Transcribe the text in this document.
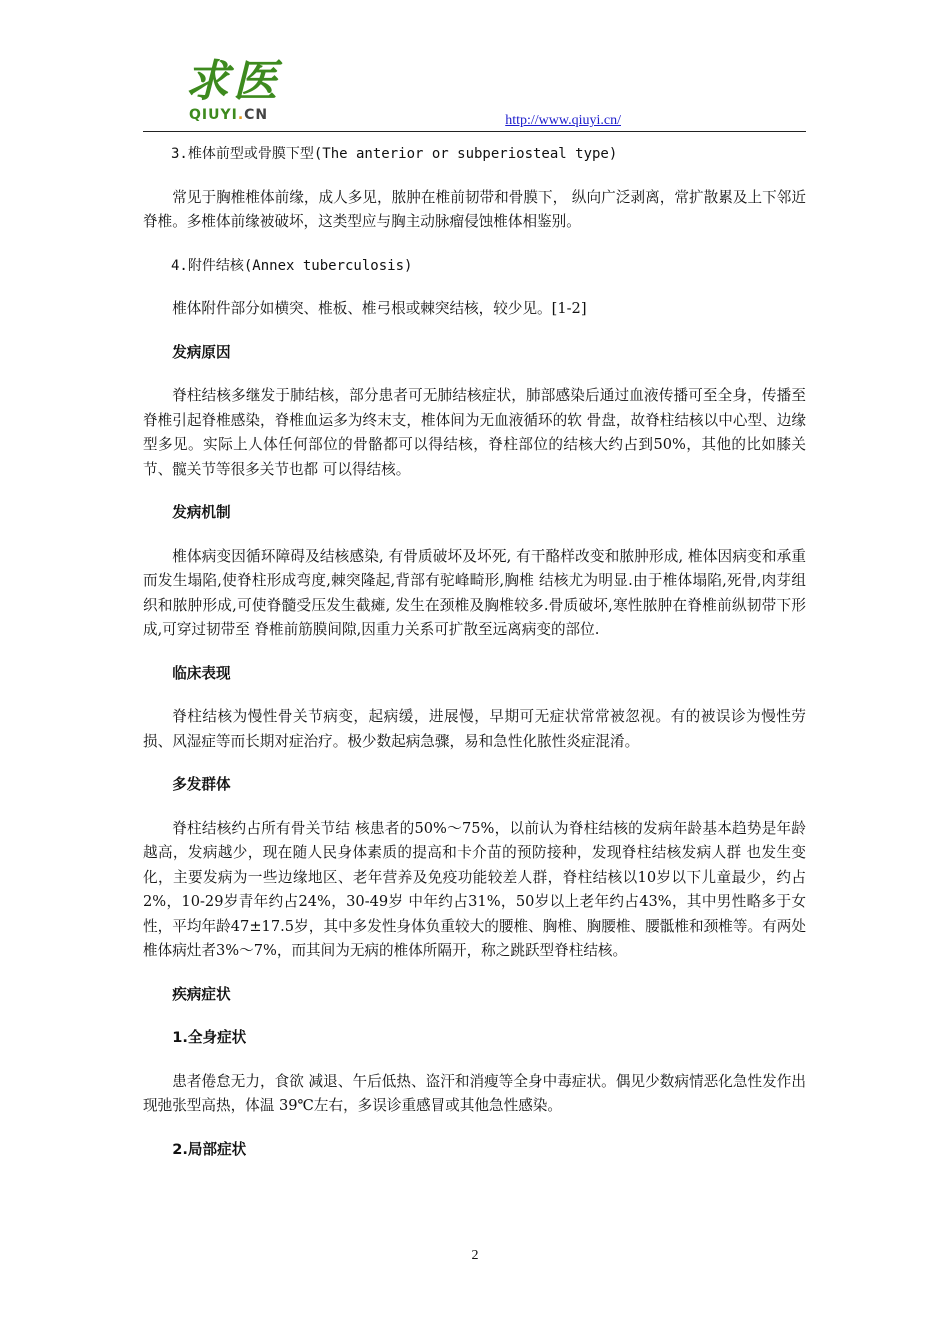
求医
QIUYI.CN	http://www.qiuyi.cn/

3.椎体前型或骨膜下型(The anterior or subperiosteal type)

常见于胸椎椎体前缘，成人多见，脓肿在椎前韧带和骨膜下， 纵向广泛剥离，常扩散累及上下邻近脊椎。多椎体前缘被破坏，这类型应与胸主动脉瘤侵蚀椎体相鉴别。

4.附件结核(Annex tuberculosis)

椎体附件部分如横突、椎板、椎弓根或棘突结核，较少见。[1-2]

发病原因

脊柱结核多继发于肺结核，部分患者可无肺结核症状，肺部感染后通过血液传播可至全身，传播至脊椎引起脊椎感染，脊椎血运多为终末支，椎体间为无血液循环的软 骨盘，故脊柱结核以中心型、边缘型多见。实际上人体任何部位的骨骼都可以得结核，脊柱部位的结核大约占到50%，其他的比如膝关节、髋关节等很多关节也都 可以得结核。

发病机制

椎体病变因循环障碍及结核感染, 有骨质破坏及坏死, 有干酪样改变和脓肿形成, 椎体因病变和承重而发生塌陷,使脊柱形成弯度,棘突隆起,背部有驼峰畸形,胸椎 结核尤为明显.由于椎体塌陷,死骨,肉芽组织和脓肿形成,可使脊髓受压发生截瘫, 发生在颈椎及胸椎较多.骨质破坏,寒性脓肿在脊椎前纵韧带下形成,可穿过韧带至 脊椎前筋膜间隙,因重力关系可扩散至远离病变的部位.

临床表现

脊柱结核为慢性骨关节病变，起病缓，进展慢，早期可无症状常常被忽视。有的被误诊为慢性劳损、风湿症等而长期对症治疗。极少数起病急骤，易和急性化脓性炎症混淆。

多发群体

脊柱结核约占所有骨关节结 核患者的50%～75%，以前认为脊柱结核的发病年龄基本趋势是年龄越高，发病越少，现在随人民身体素质的提高和卡介苗的预防接种，发现脊柱结核发病人群 也发生变化，主要发病为一些边缘地区、老年营养及免疫功能较差人群，脊柱结核以10岁以下儿童最少，约占2%，10-29岁青年约占24%，30-49岁 中年约占31%，50岁以上老年约占43%，其中男性略多于女性，平均年龄47±17.5岁，其中多发性身体负重较大的腰椎、胸椎、胸腰椎、腰骶椎和颈椎等。有两处椎体病灶者3%～7%，而其间为无病的椎体所隔开，称之跳跃型脊柱结核。

疾病症状

1.全身症状

患者倦怠无力，食欲 减退、午后低热、盗汗和消瘦等全身中毒症状。偶见少数病情恶化急性发作出现弛张型高热，体温 39℃左右，多误诊重感冒或其他急性感染。

2.局部症状

2
